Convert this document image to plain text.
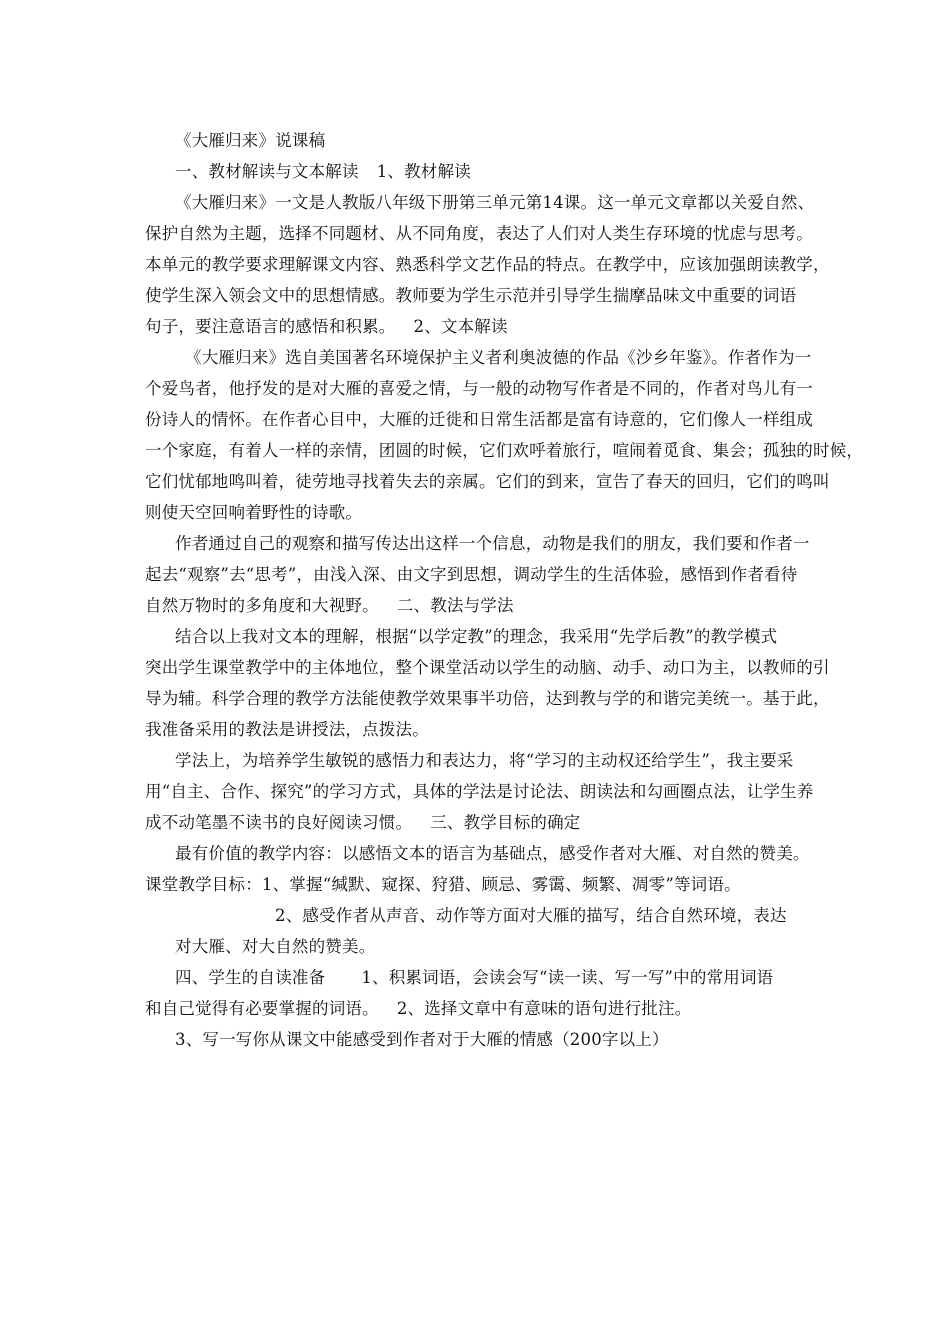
《大雁归来》说课稿
一、教材解读与文本解读 1、教材解读
《大雁归来》一文是人教版八年级下册第三单元第14课。这一单元文章都以关爱自然、
保护自然为主题，选择不同题材、从不同角度，表达了人们对人类生存环境的忧虑与思考。
本单元的教学要求理解课文内容、熟悉科学文艺作品的特点。在教学中，应该加强朗读教学，
使学生深入领会文中的思想情感。教师要为学生示范并引导学生揣摩品味文中重要的词语
句子，要注意语言的感悟和积累。 2、文本解读
《大雁归来》选自美国著名环境保护主义者利奥波德的作品《沙乡年鉴》。作者作为一
个爱鸟者，他抒发的是对大雁的喜爱之情，与一般的动物写作者是不同的，作者对鸟儿有一
份诗人的情怀。在作者心目中，大雁的迁徙和日常生活都是富有诗意的，它们像人一样组成
一个家庭，有着人一样的亲情，团圆的时候，它们欢呼着旅行，喧闹着觅食、集会；孤独的时候，
它们忧郁地鸣叫着，徒劳地寻找着失去的亲属。它们的到来，宣告了春天的回归，它们的鸣叫
则使天空回响着野性的诗歌。
作者通过自己的观察和描写传达出这样一个信息，动物是我们的朋友，我们要和作者一
起去“观察”去“思考”，由浅入深、由文字到思想，调动学生的生活体验，感悟到作者看待
自然万物时的多角度和大视野。 二、教法与学法
结合以上我对文本的理解，根据“以学定教”的理念，我采用“先学后教”的教学模式
突出学生课堂教学中的主体地位，整个课堂活动以学生的动脑、动手、动口为主，以教师的引
导为辅。科学合理的教学方法能使教学效果事半功倍，达到教与学的和谐完美统一。基于此，
我准备采用的教法是讲授法，点拨法。
学法上，为培养学生敏锐的感悟力和表达力，将“学习的主动权还给学生”，我主要采
用“自主、合作、探究”的学习方式，具体的学法是讨论法、朗读法和勾画圈点法，让学生养
成不动笔墨不读书的良好阅读习惯。 三、教学目标的确定
最有价值的教学内容：以感悟文本的语言为基础点，感受作者对大雁、对自然的赞美。
课堂教学目标：1、掌握“缄默、窥探、狩猎、顾忌、雾霭、频繁、凋零”等词语。
2、感受作者从声音、动作等方面对大雁的描写，结合自然环境，表达
对大雁、对大自然的赞美。
四、学生的自读准备 1、积累词语，会读会写“读一读、写一写”中的常用词语
和自己觉得有必要掌握的词语。 2、选择文章中有意味的语句进行批注。
3、写一写你从课文中能感受到作者对于大雁的情感（200字以上）
